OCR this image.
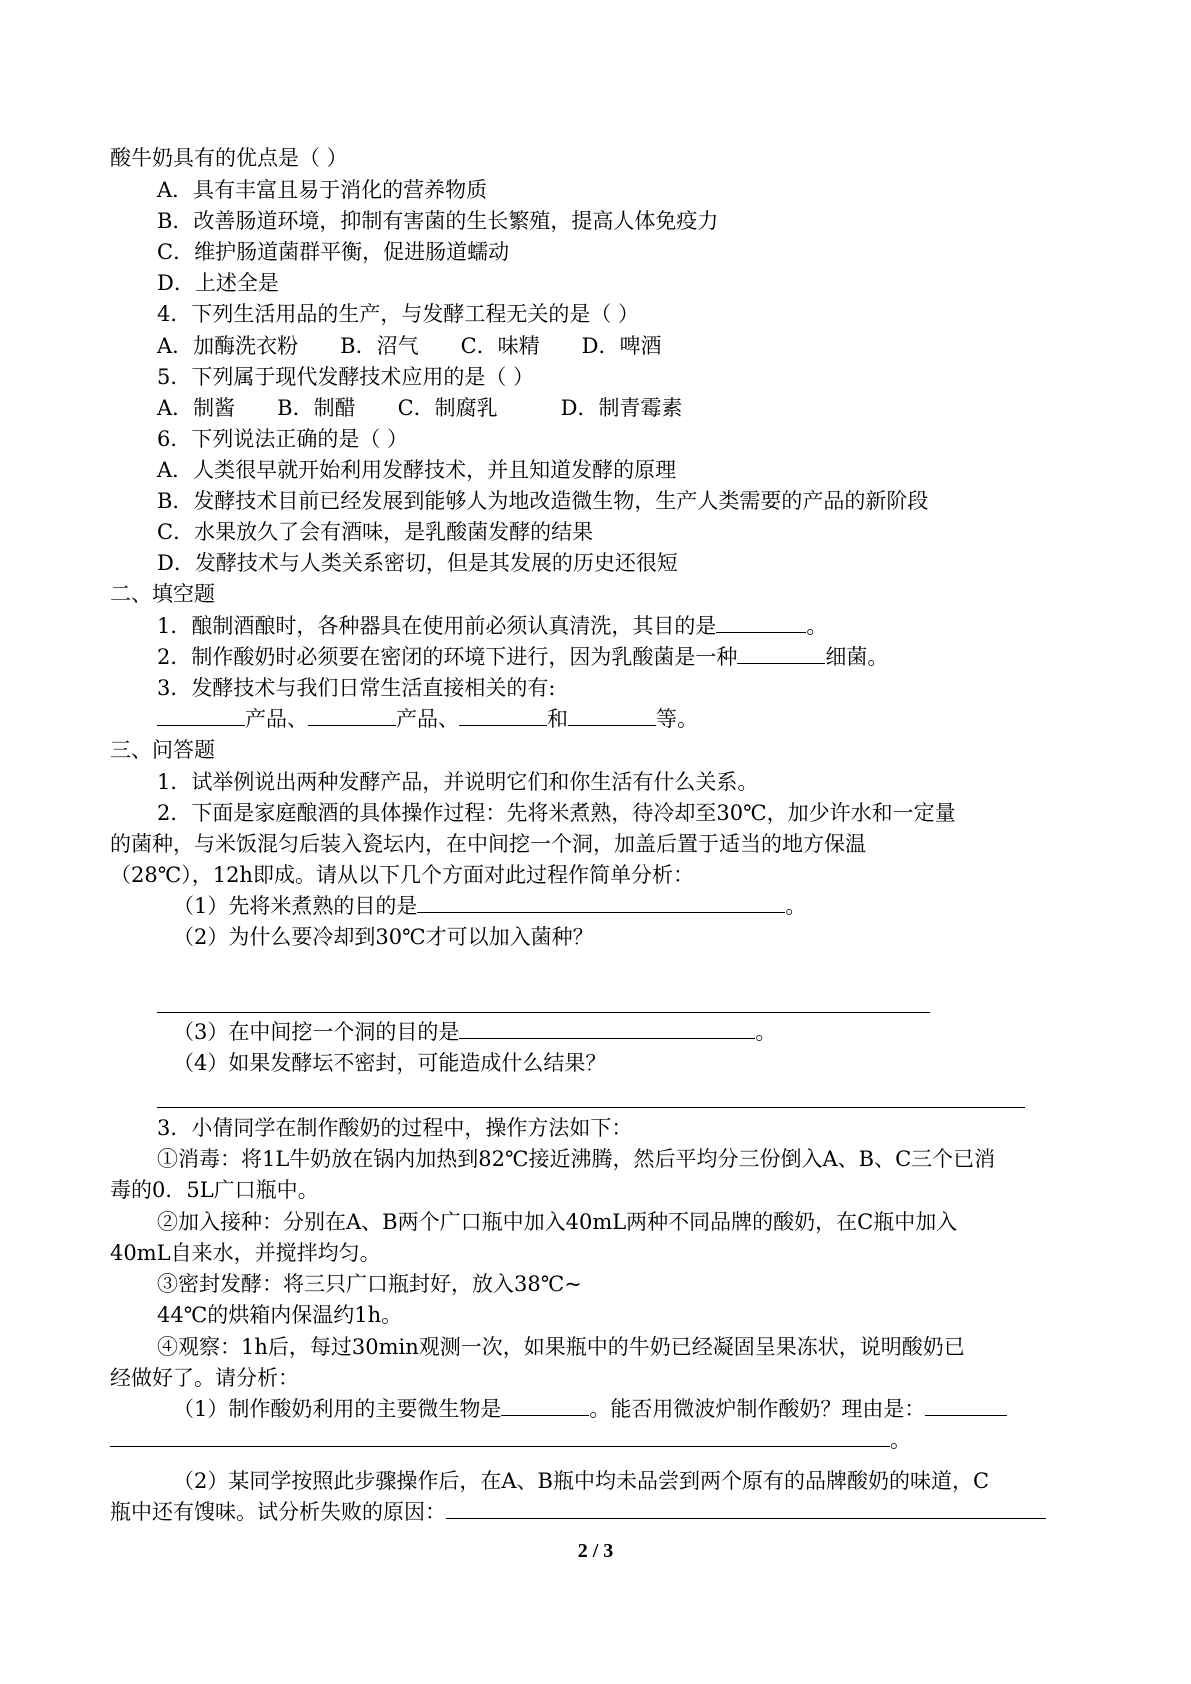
酸牛奶具有的优点是（ ）
A．具有丰富且易于消化的营养物质
B．改善肠道环境，抑制有害菌的生长繁殖，提高人体免疫力
C．维护肠道菌群平衡，促进肠道蠕动
D．上述全是
4．下列生活用品的生产，与发酵工程无关的是（ ）
A．加酶洗衣粉　　B．沼气　　C．味精　　D．啤酒
5．下列属于现代发酵技术应用的是（ ）
A．制酱　　B．制醋　　C．制腐乳　　　D．制青霉素
6．下列说法正确的是（ ）
A．人类很早就开始利用发酵技术，并且知道发酵的原理
B．发酵技术目前已经发展到能够人为地改造微生物，生产人类需要的产品的新阶段
C．水果放久了会有酒味，是乳酸菌发酵的结果
D．发酵技术与人类关系密切，但是其发展的历史还很短
二、填空题
1．酿制酒酿时，各种器具在使用前必须认真清洗，其目的是	。
2．制作酸奶时必须要在密闭的环境下进行，因为乳酸菌是一种	细菌。
3．发酵技术与我们日常生活直接相关的有:
产品、	产品、	和	等。
三、问答题
1．试举例说出两种发酵产品，并说明它们和你生活有什么关系。
2．下面是家庭酿酒的具体操作过程：先将米煮熟，待冷却至30℃，加少许水和一定量
的菌种，与米饭混匀后装入瓷坛内，在中间挖一个洞，加盖后置于适当的地方保温
（28℃），12h即成。请从以下几个方面对此过程作简单分析：
（1）先将米煮熟的目的是	。
（2）为什么要冷却到30℃才可以加入菌种？
（3）在中间挖一个洞的目的是	。
（4）如果发酵坛不密封，可能造成什么结果？
3．小倩同学在制作酸奶的过程中，操作方法如下：
①消毒：将1L牛奶放在锅内加热到82℃接近沸腾，然后平均分三份倒入A、B、C三个已消
毒的0．5L广口瓶中。
②加入接种：分别在A、B两个广口瓶中加入40mL两种不同品牌的酸奶，在C瓶中加入
40mL自来水，并搅拌均匀。
③密封发酵：将三只广口瓶封好，放入38℃~
44℃的烘箱内保温约1h。
④观察：1h后，每过30min观测一次，如果瓶中的牛奶已经凝固呈果冻状，说明酸奶已
经做好了。请分析：
（1）制作酸奶利用的主要微生物是	。能否用微波炉制作酸奶？理由是：
。
（2）某同学按照此步骤操作后，在A、B瓶中均未品尝到两个原有的品牌酸奶的味道，C
瓶中还有馊味。试分析失败的原因：
2 / 3
